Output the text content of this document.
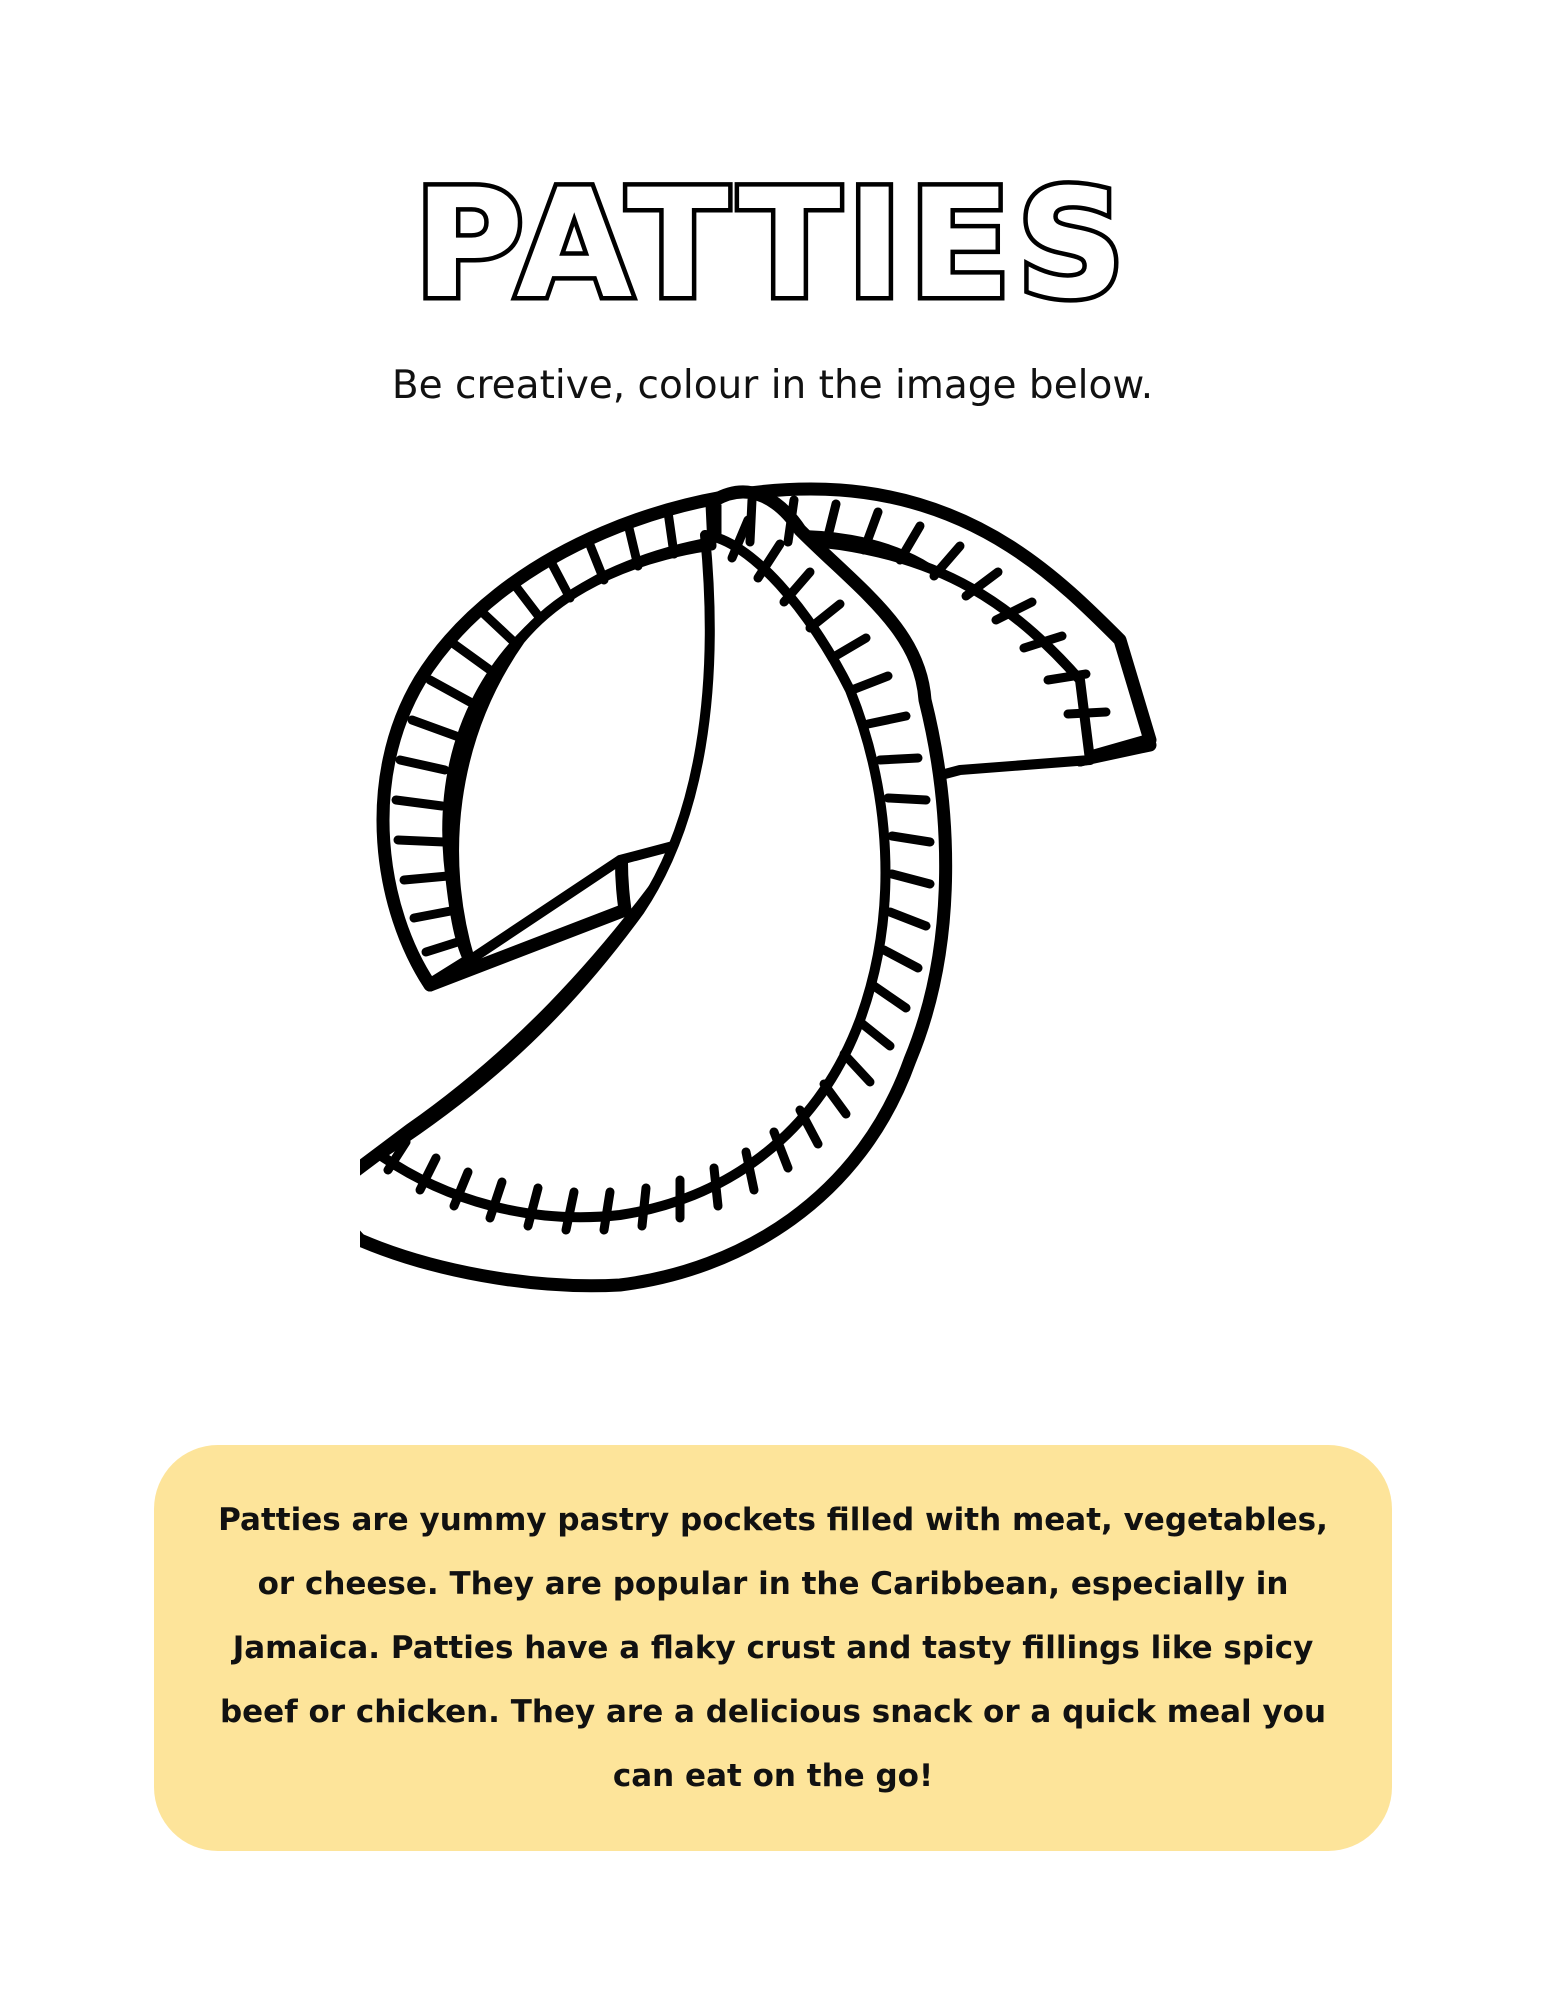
PATTIES

Be creative, colour in the image below.

Patties are yummy pastry pockets filled with meat, vegetables, or cheese. They are popular in the Caribbean, especially in Jamaica. Patties have a flaky crust and tasty fillings like spicy beef or chicken. They are a delicious snack or a quick meal you can eat on the go!
